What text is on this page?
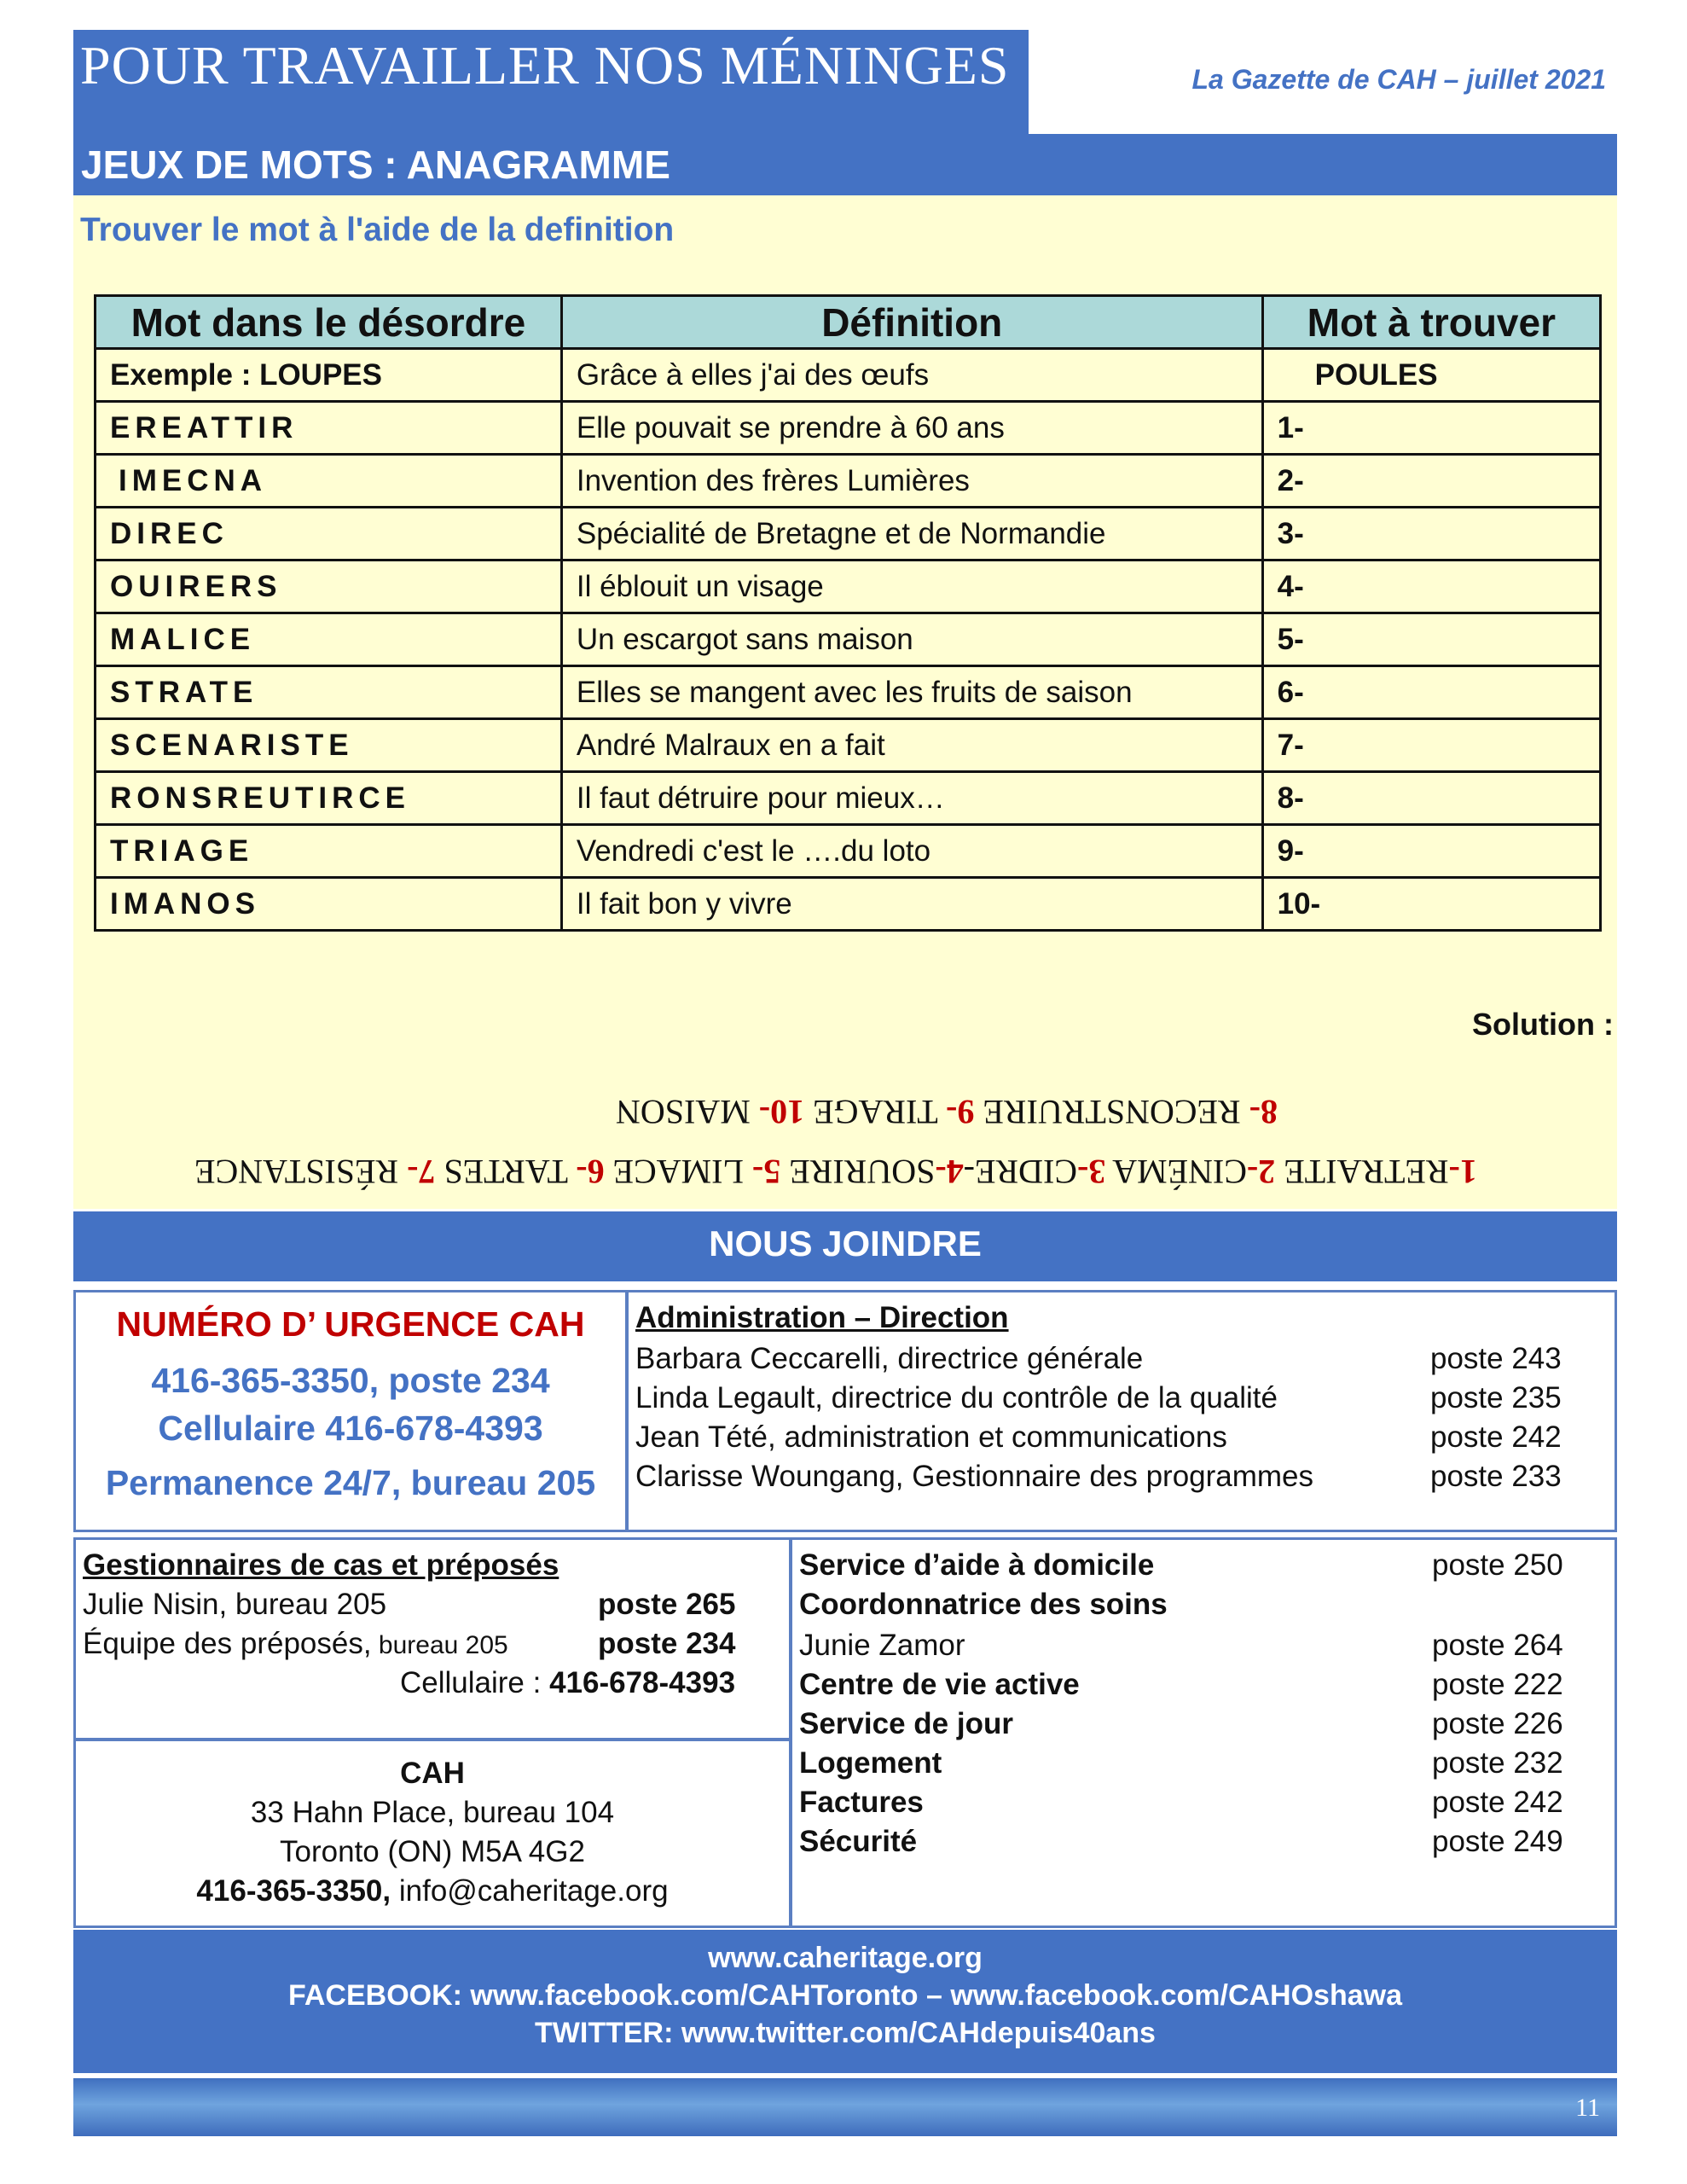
POUR TRAVAILLER NOS MÉNINGES	La Gazette de CAH – juillet 2021
JEUX DE MOTS : ANAGRAMME
Trouver le mot à l'aide de la definition
Mot dans le désordre	Définition	Mot à trouver
Exemple : LOUPES	Grâce à elles j'ai des œufs	POULES
EREATTIR	Elle pouvait se prendre à 60 ans	1-
IMECNA	Invention des frères Lumières	2-
DIREC	Spécialité de Bretagne et de Normandie	3-
OUIRERS	Il éblouit un visage	4-
MALICE	Un escargot sans maison	5-
STRATE	Elles se mangent avec les fruits de saison	6-
SCENARISTE	André Malraux en a fait	7-
RONSREUTIRCE	Il faut détruire pour mieux…	8-
TRIAGE	Vendredi c'est le ….du loto	9-
IMANOS	Il fait bon y vivre	10-
Solution :
8- RECONSTRUIRE 9- TIRAGE 10- MAISON
1-RETRAITE 2-CINÉMA 3-CIDRE-4-SOURIRE 5- LIMACE 6- TARTES 7- RÉSISTANCE
NOUS JOINDRE
NUMÉRO D’ URGENCE CAH
416-365-3350, poste 234
Cellulaire 416-678-4393
Permanence 24/7, bureau 205
Administration – Direction
Barbara Ceccarelli, directrice générale	poste 243
Linda Legault, directrice du contrôle de la qualité	poste 235
Jean Tété, administration et communications	poste 242
Clarisse Woungang, Gestionnaire des programmes	poste 233
Gestionnaires de cas et préposés
Julie Nisin, bureau 205	poste 265
Équipe des préposés, bureau 205	poste 234
Cellulaire : 416-678-4393
CAH
33 Hahn Place, bureau 104
Toronto (ON) M5A 4G2
416-365-3350, info@caheritage.org
Service d’aide à domicile	poste 250
Coordonnatrice des soins
Junie Zamor	poste 264
Centre de vie active	poste 222
Service de jour	poste 226
Logement	poste 232
Factures	poste 242
Sécurité	poste 249
www.caheritage.org
FACEBOOK: www.facebook.com/CAHToronto – www.facebook.com/CAHOshawa
TWITTER: www.twitter.com/CAHdepuis40ans
11
